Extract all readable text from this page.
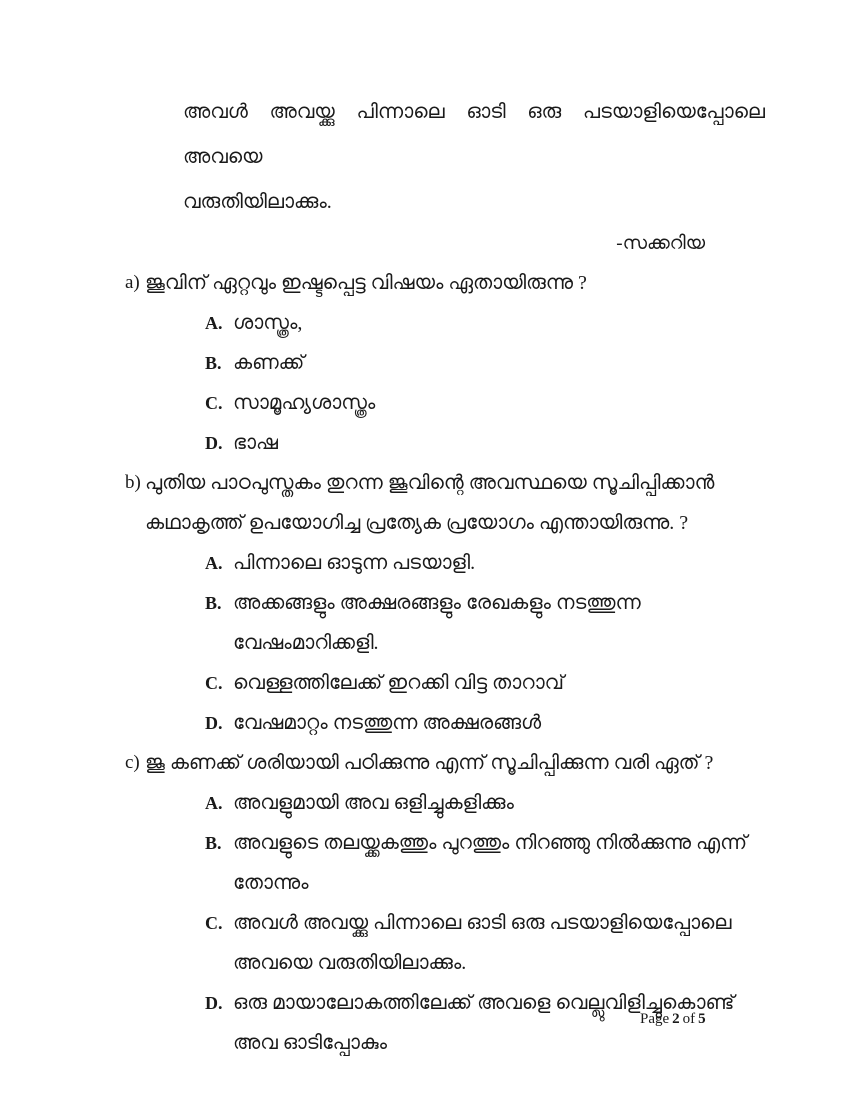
അവൾ അവയ്ക്കു പിന്നാലെ ഓടി ഒരു പടയാളിയെപ്പോലെ അവയെ
വരുതിയിലാക്കും.
-സക്കറിയ
a) ജൂവിന് ഏറ്റവും ഇഷ്ടപ്പെട്ട വിഷയം ഏതായിരുന്നു ?
A. ശാസ്ത്രം,
B. കണക്ക്
C. സാമൂഹ്യശാസ്ത്രം
D. ഭാഷ
b) പുതിയ പാഠപുസ്തകം തുറന്ന ജൂവിന്റെ അവസ്ഥയെ സൂചിപ്പിക്കാൻ കഥാകൃത്ത് ഉപയോഗിച്ച പ്രത്യേക പ്രയോഗം എന്തായിരുന്നു. ?
A. പിന്നാലെ ഓടുന്ന പടയാളി.
B. അക്കങ്ങളും അക്ഷരങ്ങളും രേഖകളും നടത്തുന്ന വേഷംമാറിക്കളി.
C. വെള്ളത്തിലേക്ക് ഇറക്കി വിട്ട താറാവ്
D. വേഷമാറ്റം നടത്തുന്ന അക്ഷരങ്ങൾ
c) ജൂ കണക്ക് ശരിയായി പഠിക്കുന്നു എന്ന് സൂചിപ്പിക്കുന്ന വരി ഏത് ?
A. അവളുമായി അവ ഒളിച്ചുകളിക്കും
B. അവളുടെ തലയ്ക്കകത്തും പുറത്തും നിറഞ്ഞു നിൽക്കുന്നു എന്ന് തോന്നും
C. അവൾ അവയ്ക്കു പിന്നാലെ ഓടി ഒരു പടയാളിയെപ്പോലെ അവയെ വരുതിയിലാക്കും.
D. ഒരു മായാലോകത്തിലേക്ക് അവളെ വെല്ലുവിളിച്ചുകൊണ്ട് അവ ഓടിപ്പോകും
Page 2 of 5
